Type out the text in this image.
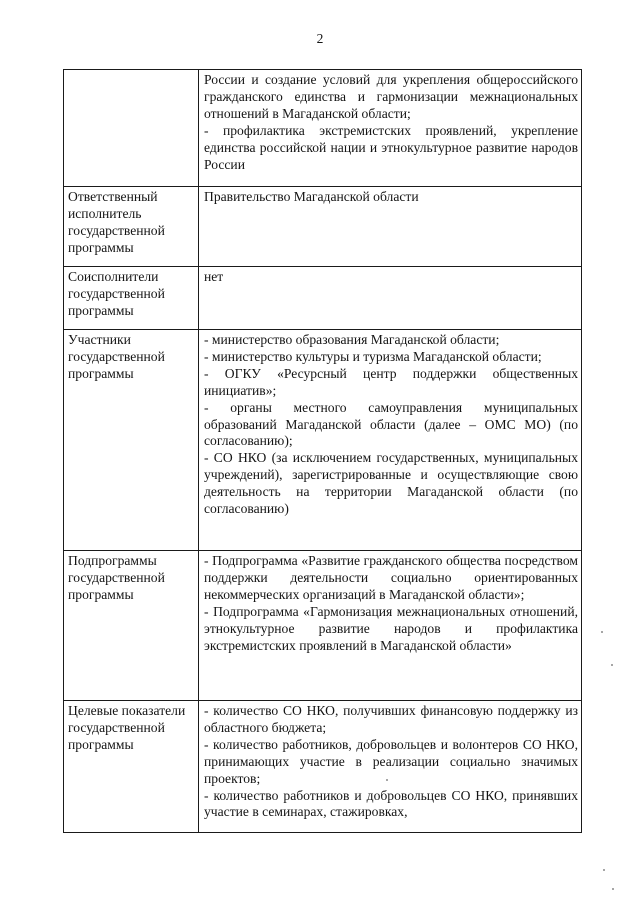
2

	России и создание условий для укрепления общероссийского гражданского единства и гармонизации межнациональных отношений в Магаданской области;
- профилактика экстремистских проявлений, укрепление единства российской нации и этнокультурное развитие народов России

Ответственный исполнитель государственной программы	Правительство Магаданской области

Соисполнители государственной программы	нет

Участники государственной программы	- министерство образования Магаданской области;
- министерство культуры и туризма Магаданской области;
- ОГКУ «Ресурсный центр поддержки общественных инициатив»;
- органы местного самоуправления муниципальных образований Магаданской области (далее – ОМС МО) (по согласованию);
- СО НКО (за исключением государственных, муниципальных учреждений), зарегистрированные и осуществляющие свою деятельность на территории Магаданской области (по согласованию)

Подпрограммы государственной программы	- Подпрограмма «Развитие гражданского общества посредством поддержки деятельности социально ориентированных некоммерческих организаций в Магаданской области»;
- Подпрограмма «Гармонизация межнациональных отношений, этнокультурное развитие народов и профилактика экстремистских проявлений в Магаданской области»

Целевые показатели государственной программы	- количество СО НКО, получивших финансовую поддержку из областного бюджета;
- количество работников, добровольцев и волонтеров СО НКО, принимающих участие в реализации социально значимых проектов;
- количество работников и добровольцев СО НКО, принявших участие в семинарах, стажировках,
